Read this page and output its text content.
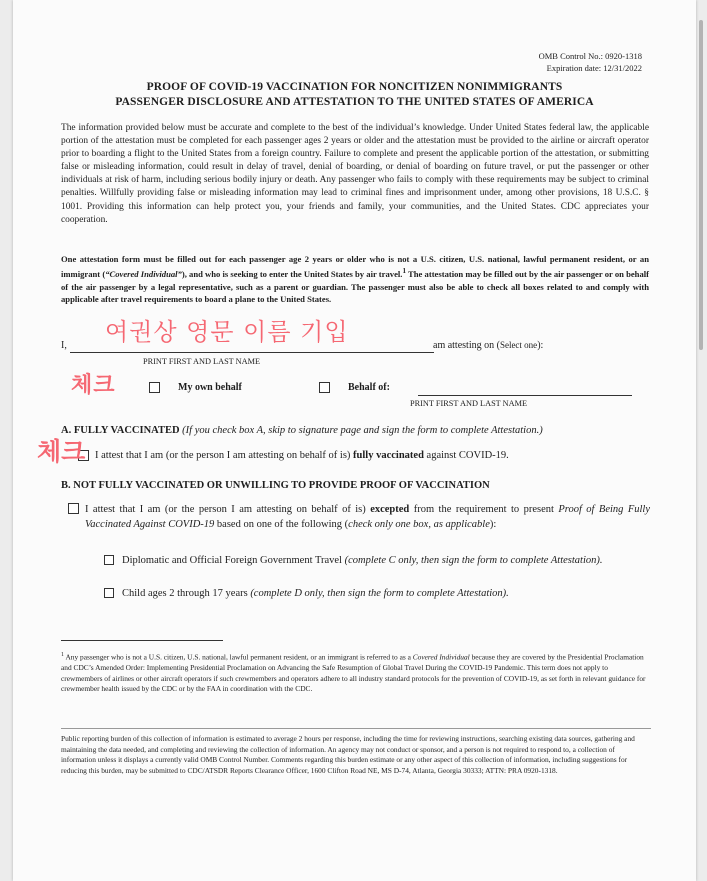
OMB Control No.: 0920-1318
Expiration date: 12/31/2022
PROOF OF COVID-19 VACCINATION FOR NONCITIZEN NONIMMIGRANTS
PASSENGER DISCLOSURE AND ATTESTATION TO THE UNITED STATES OF AMERICA
The information provided below must be accurate and complete to the best of the individual’s knowledge. Under United States federal law, the applicable portion of the attestation must be completed for each passenger ages 2 years or older and the attestation must be provided to the airline or aircraft operator prior to boarding a flight to the United States from a foreign country. Failure to complete and present the applicable portion of the attestation, or submitting false or misleading information, could result in delay of travel, denial of boarding, or denial of boarding on future travel, or put the passenger or other individuals at risk of harm, including serious bodily injury or death. Any passenger who fails to comply with these requirements may be subject to criminal penalties. Willfully providing false or misleading information may lead to criminal fines and imprisonment under, among other provisions, 18 U.S.C. § 1001. Providing this information can help protect you, your friends and family, your communities, and the United States. CDC appreciates your cooperation.
One attestation form must be filled out for each passenger age 2 years or older who is not a U.S. citizen, U.S. national, lawful permanent resident, or an immigrant (“Covered Individual”), and who is seeking to enter the United States by air travel.$^1$ The attestation may be filled out by the air passenger or on behalf of the air passenger by a legal representative, such as a parent or guardian. The passenger must also be able to check all boxes related to and comply with applicable after travel requirements to board a plane to the United States.
I,	am attesting on (Select one):
PRINT FIRST AND LAST NAME
My own behalf	Behalf of:
PRINT FIRST AND LAST NAME
A. FULLY VACCINATED (If you check box A, skip to signature page and sign the form to complete Attestation.)
I attest that I am (or the person I am attesting on behalf of is) fully vaccinated against COVID-19.
B. NOT FULLY VACCINATED OR UNWILLING TO PROVIDE PROOF OF VACCINATION
I attest that I am (or the person I am attesting on behalf of is) excepted from the requirement to present Proof of Being Fully Vaccinated Against COVID-19 based on one of the following (check only one box, as applicable):
Diplomatic and Official Foreign Government Travel (complete C only, then sign the form to complete Attestation).
Child ages 2 through 17 years (complete D only, then sign the form to complete Attestation).
$^1$ Any passenger who is not a U.S. citizen, U.S. national, lawful permanent resident, or an immigrant is referred to as a Covered Individual because they are covered by the Presidential Proclamation and CDC’s Amended Order: Implementing Presidential Proclamation on Advancing the Safe Resumption of Global Travel During the COVID-19 Pandemic. This term does not apply to crewmembers of airlines or other aircraft operators if such crewmembers and operators adhere to all industry standard protocols for the prevention of COVID-19, as set forth in relevant guidance for crewmember health issued by the CDC or by the FAA in coordination with the CDC.
Public reporting burden of this collection of information is estimated to average 2 hours per response, including the time for reviewing instructions, searching existing data sources, gathering and maintaining the data needed, and completing and reviewing the collection of information. An agency may not conduct or sponsor, and a person is not required to respond to, a collection of information unless it displays a currently valid OMB Control Number. Comments regarding this burden estimate or any other aspect of this collection of information, including suggestions for reducing this burden, may be submitted to CDC/ATSDR Reports Clearance Officer, 1600 Clifton Road NE, MS D-74, Atlanta, Georgia 30333; ATTN: PRA 0920-1318.
여권상 영문 이름 기입
체크
체크
